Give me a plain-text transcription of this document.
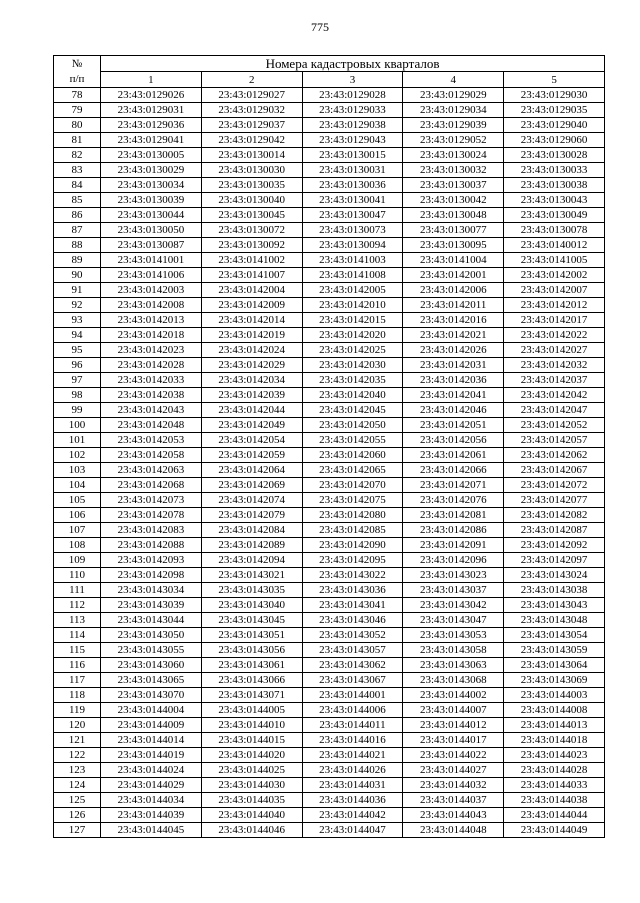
775
№
п/п	Номера кадастровых кварталов				
	1	2	3	4	5
78	23:43:0129026	23:43:0129027	23:43:0129028	23:43:0129029	23:43:0129030
79	23:43:0129031	23:43:0129032	23:43:0129033	23:43:0129034	23:43:0129035
80	23:43:0129036	23:43:0129037	23:43:0129038	23:43:0129039	23:43:0129040
81	23:43:0129041	23:43:0129042	23:43:0129043	23:43:0129052	23:43:0129060
82	23:43:0130005	23:43:0130014	23:43:0130015	23:43:0130024	23:43:0130028
83	23:43:0130029	23:43:0130030	23:43:0130031	23:43:0130032	23:43:0130033
84	23:43:0130034	23:43:0130035	23:43:0130036	23:43:0130037	23:43:0130038
85	23:43:0130039	23:43:0130040	23:43:0130041	23:43:0130042	23:43:0130043
86	23:43:0130044	23:43:0130045	23:43:0130047	23:43:0130048	23:43:0130049
87	23:43:0130050	23:43:0130072	23:43:0130073	23:43:0130077	23:43:0130078
88	23:43:0130087	23:43:0130092	23:43:0130094	23:43:0130095	23:43:0140012
89	23:43:0141001	23:43:0141002	23:43:0141003	23:43:0141004	23:43:0141005
90	23:43:0141006	23:43:0141007	23:43:0141008	23:43:0142001	23:43:0142002
91	23:43:0142003	23:43:0142004	23:43:0142005	23:43:0142006	23:43:0142007
92	23:43:0142008	23:43:0142009	23:43:0142010	23:43:0142011	23:43:0142012
93	23:43:0142013	23:43:0142014	23:43:0142015	23:43:0142016	23:43:0142017
94	23:43:0142018	23:43:0142019	23:43:0142020	23:43:0142021	23:43:0142022
95	23:43:0142023	23:43:0142024	23:43:0142025	23:43:0142026	23:43:0142027
96	23:43:0142028	23:43:0142029	23:43:0142030	23:43:0142031	23:43:0142032
97	23:43:0142033	23:43:0142034	23:43:0142035	23:43:0142036	23:43:0142037
98	23:43:0142038	23:43:0142039	23:43:0142040	23:43:0142041	23:43:0142042
99	23:43:0142043	23:43:0142044	23:43:0142045	23:43:0142046	23:43:0142047
100	23:43:0142048	23:43:0142049	23:43:0142050	23:43:0142051	23:43:0142052
101	23:43:0142053	23:43:0142054	23:43:0142055	23:43:0142056	23:43:0142057
102	23:43:0142058	23:43:0142059	23:43:0142060	23:43:0142061	23:43:0142062
103	23:43:0142063	23:43:0142064	23:43:0142065	23:43:0142066	23:43:0142067
104	23:43:0142068	23:43:0142069	23:43:0142070	23:43:0142071	23:43:0142072
105	23:43:0142073	23:43:0142074	23:43:0142075	23:43:0142076	23:43:0142077
106	23:43:0142078	23:43:0142079	23:43:0142080	23:43:0142081	23:43:0142082
107	23:43:0142083	23:43:0142084	23:43:0142085	23:43:0142086	23:43:0142087
108	23:43:0142088	23:43:0142089	23:43:0142090	23:43:0142091	23:43:0142092
109	23:43:0142093	23:43:0142094	23:43:0142095	23:43:0142096	23:43:0142097
110	23:43:0142098	23:43:0143021	23:43:0143022	23:43:0143023	23:43:0143024
111	23:43:0143034	23:43:0143035	23:43:0143036	23:43:0143037	23:43:0143038
112	23:43:0143039	23:43:0143040	23:43:0143041	23:43:0143042	23:43:0143043
113	23:43:0143044	23:43:0143045	23:43:0143046	23:43:0143047	23:43:0143048
114	23:43:0143050	23:43:0143051	23:43:0143052	23:43:0143053	23:43:0143054
115	23:43:0143055	23:43:0143056	23:43:0143057	23:43:0143058	23:43:0143059
116	23:43:0143060	23:43:0143061	23:43:0143062	23:43:0143063	23:43:0143064
117	23:43:0143065	23:43:0143066	23:43:0143067	23:43:0143068	23:43:0143069
118	23:43:0143070	23:43:0143071	23:43:0144001	23:43:0144002	23:43:0144003
119	23:43:0144004	23:43:0144005	23:43:0144006	23:43:0144007	23:43:0144008
120	23:43:0144009	23:43:0144010	23:43:0144011	23:43:0144012	23:43:0144013
121	23:43:0144014	23:43:0144015	23:43:0144016	23:43:0144017	23:43:0144018
122	23:43:0144019	23:43:0144020	23:43:0144021	23:43:0144022	23:43:0144023
123	23:43:0144024	23:43:0144025	23:43:0144026	23:43:0144027	23:43:0144028
124	23:43:0144029	23:43:0144030	23:43:0144031	23:43:0144032	23:43:0144033
125	23:43:0144034	23:43:0144035	23:43:0144036	23:43:0144037	23:43:0144038
126	23:43:0144039	23:43:0144040	23:43:0144042	23:43:0144043	23:43:0144044
127	23:43:0144045	23:43:0144046	23:43:0144047	23:43:0144048	23:43:0144049
